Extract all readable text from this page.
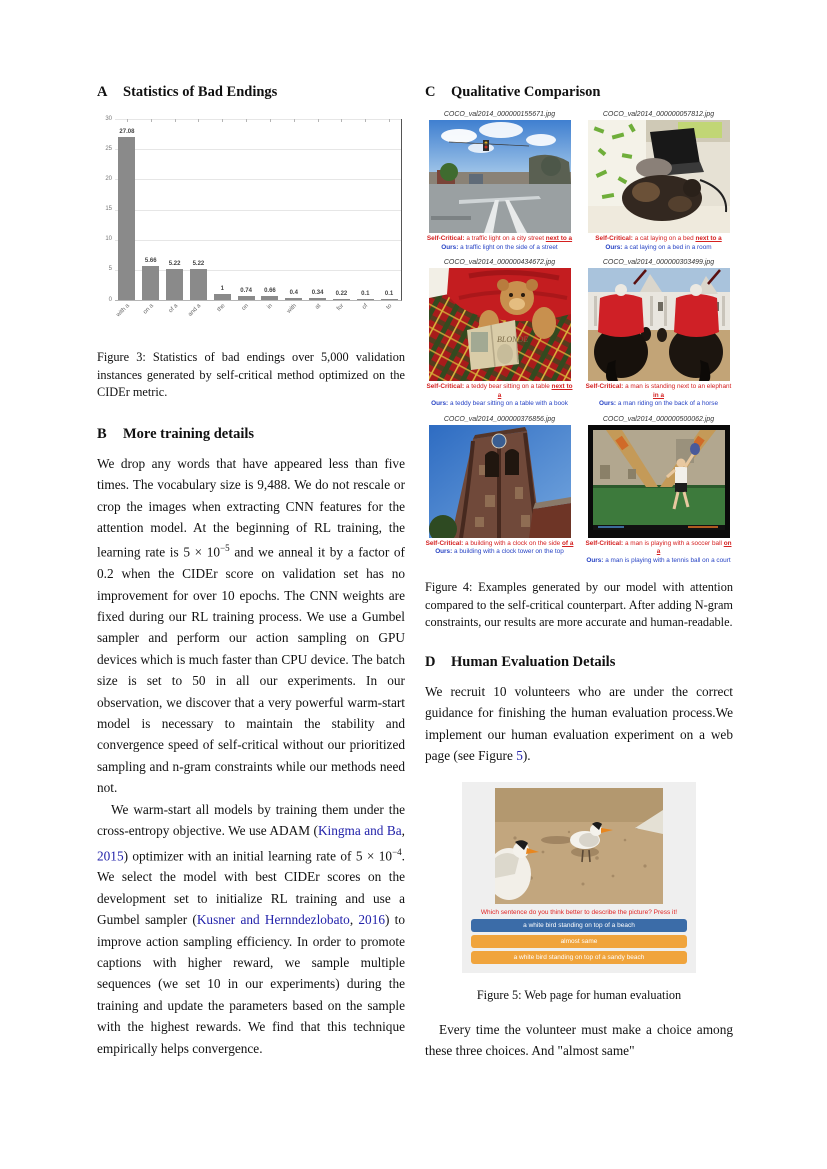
A Statistics of Bad Endings
0
5
10
15
20
25
30
27.08
with a
5.66
on a
5.22
of a
5.22
and a
1
the
0.74
on
0.66
in
0.4
with
0.34
at
0.22
for
0.1
of
0.1
to

Figure 3: Statistics of bad endings over 5,000 validation instances generated by self-critical method optimized on the CIDEr metric.

B More training details

We drop any words that have appeared less than five times. The vocabulary size is 9,488. We do not rescale or crop the images when extracting CNN features for the attention model. At the beginning of RL training, the learning rate is $5 \times 10^{-5}$ and we anneal it by a factor of 0.2 when the CIDEr score on validation set has no improvement for over 10 epochs. The CNN weights are fixed during our RL training process. We use a Gumbel sampler and perform our action sampling on GPU devices which is much faster than CPU device. The batch size is set to 50 in all our experiments. In our observation, we discover that a very powerful warm-start model is necessary to maintain the stability and convergence speed of self-critical without our prioritized sampling and n-gram constraints while our methods need not.

We warm-start all models by training them under the cross-entropy objective. We use ADAM (Kingma and Ba, 2015) optimizer with an initial learning rate of $5 \times 10^{-4}$. We select the model with best CIDEr scores on the development set to initialize RL training and use a Gumbel sampler (Kusner and Hernndezlobato, 2016) to improve action sampling efficiency. In order to promote captions with higher reward, we sample multiple sequences (we set 10 in our experiments) during the training and update the parameters based on the sample with the highest rewards. We find that this technique empirically helps convergence.

C Qualitative Comparison
COCO_val2014_000000155671.jpg
Self-Critical: a traffic light on a city street next to a
Ours: a traffic light on the side of a street
COCO_val2014_000000057812.jpg
Self-Critical: a cat laying on a bed next to a
Ours: a cat laying on a bed in a room
COCO_val2014_000000434672.jpg
BLONDE
Self-Critical: a teddy bear sitting on a table next to a
Ours: a teddy bear sitting on a table with a book
COCO_val2014_000000303499.jpg
Self-Critical: a man is standing next to an elephant in a
Ours: a man riding on the back of a horse
COCO_val2014_000000376856.jpg
Self-Critical: a building with a clock on the side of a
Ours: a building with a clock tower on the top
COCO_val2014_000000500062.jpg
Self-Critical: a man is playing with a soccer ball on a
Ours: a man is playing with a tennis ball on a court

Figure 4: Examples generated by our model with attention compared to the self-critical counterpart. After adding N-gram constraints, our results are more accurate and human-readable.

D Human Evaluation Details

We recruit 10 volunteers who are under the correct guidance for finishing the human evaluation process.We implement our human evaluation experiment on a web page (see Figure 5).

Which sentence do you think better to describe the picture? Press it!
a white bird standing on top of a beach
almost same
a white bird standing on top of a sandy beach

Figure 5: Web page for human evaluation

Every time the volunteer must make a choice among these three choices. And "almost same"
